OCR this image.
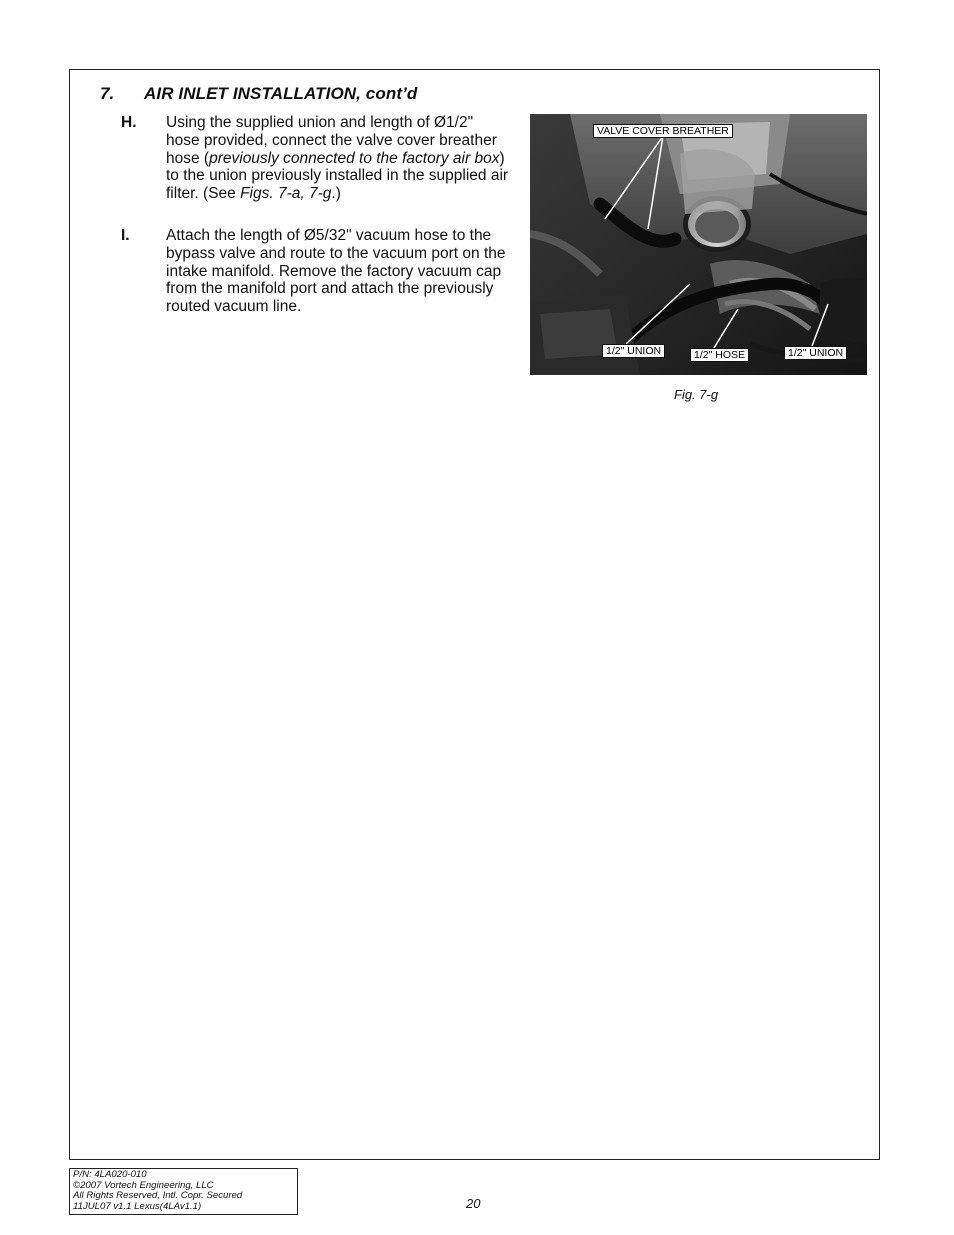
7. AIR INLET INSTALLATION, cont’d
H. Using the supplied union and length of Ø1/2" hose provided, connect the valve cover breather hose (previously connected to the factory air box) to the union previously installed in the supplied air filter. (See Figs. 7-a, 7-g.)
I. Attach the length of Ø5/32" vacuum hose to the bypass valve and route to the vacuum port on the intake manifold. Remove the factory vacuum cap from the manifold port and attach the previously routed vacuum line.
VALVE COVER BREATHER
1/2" UNION	1/2" HOSE	1/2" UNION
Fig. 7-g
P/N: 4LA020-010
©2007 Vortech Engineering, LLC
All Rights Reserved, Intl. Copr. Secured
11JUL07 v1.1 Lexus(4LAv1.1)	20
